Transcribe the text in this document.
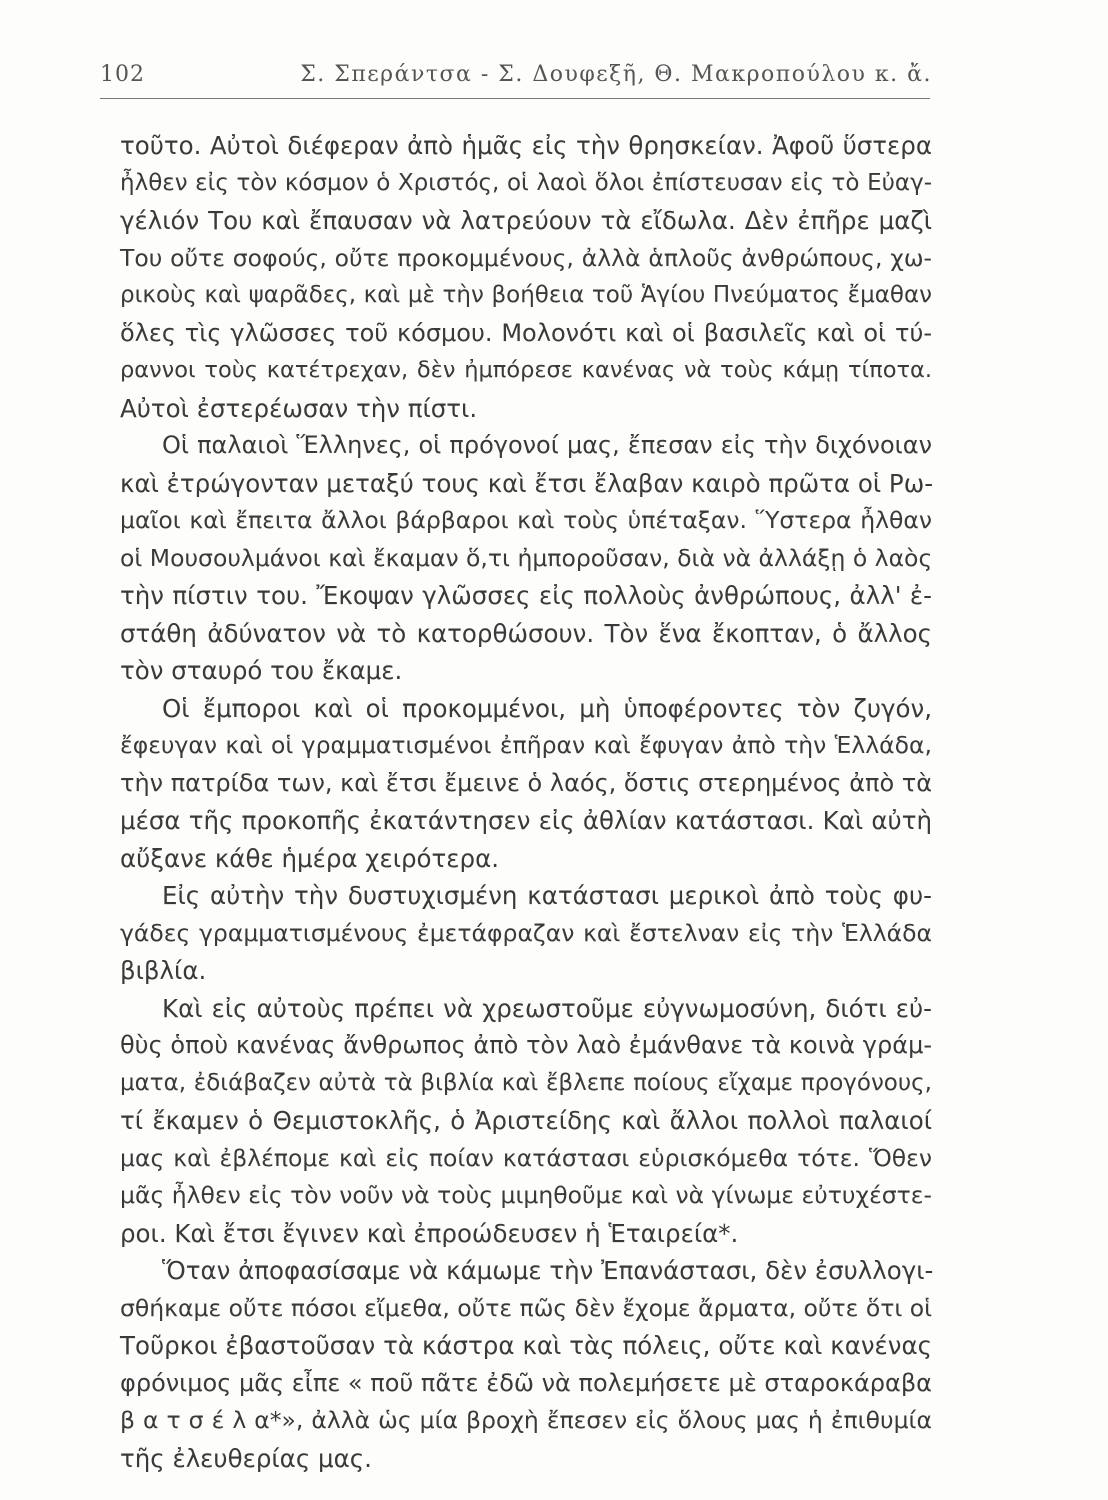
102	Σ. Σπεράντσα - Σ. Δουφεξῆ, Θ. Μακροπούλου κ. ἄ.
τοῦτο. Αὐτοὶ διέφεραν ἀπὸ ἡμᾶς εἰς τὴν θρησκείαν. Ἀφοῦ ὕστερα
ἦλθεν εἰς τὸν κόσμον ὁ Χριστός, οἱ λαοὶ ὅλοι ἐπίστευσαν εἰς τὸ Εὐαγ-
γέλιόν Του καὶ ἔπαυσαν νὰ λατρεύουν τὰ εἴδωλα. Δὲν ἐπῆρε μαζὶ
Του οὔτε σοφούς, οὔτε προκομμένους, ἀλλὰ ἁπλοῦς ἀνθρώπους, χω-
ρικοὺς καὶ ψαρᾶδες, καὶ μὲ τὴν βοήθεια τοῦ Ἁγίου Πνεύματος ἔμαθαν
ὅλες τὶς γλῶσσες τοῦ κόσμου. Μολονότι καὶ οἱ βασιλεῖς καὶ οἱ τύ-
ραννοι τοὺς κατέτρεχαν, δὲν ἠμπόρεσε κανένας νὰ τοὺς κάμῃ τίποτα.
Αὐτοὶ ἐστερέωσαν τὴν πίστι.
Οἱ παλαιοὶ Ἕλληνες, οἱ πρόγονοί μας, ἔπεσαν εἰς τὴν διχόνοιαν
καὶ ἐτρώγοντα​ν μεταξύ τους καὶ ἔτσι ἔλαβαν καιρὸ πρῶτα οἱ Ρω-
μαῖοι καὶ ἔπειτα ἄλλοι βάρβαροι καὶ τοὺς ὑπέταξαν. Ὕστερα ἦλθαν
οἱ Μουσουλμάνοι καὶ ἔκαμαν ὅ,τι ἠμποροῦσαν, διὰ νὰ ἀλλάξῃ ὁ λαὸς
τὴν πίστιν του. Ἔκοψαν γλῶσσες εἰς πολλοὺς ἀνθρώπους, ἀλλ' ἐ-
στάθη ἀδύνατον νὰ τὸ κατορθώσουν. Τὸν ἕνα ἔκοπταν, ὁ ἄλλος
τὸν σταυρό του ἔκαμε.
Οἱ ἔμποροι καὶ οἱ προκομμένοι, μὴ ὑποφέροντες τὸν ζυγόν,
ἔφευγαν καὶ οἱ γραμματισμένοι ἐπῆραν καὶ ἔφυγαν ἀπὸ τὴν Ἑλλάδα,
τὴν πατρίδα των, καὶ ἔτσι ἔμεινε ὁ λαός, ὅστις στερημένος ἀπὸ τὰ
μέσα τῆς προκοπῆς ἐκατάντησεν εἰς ἀθλίαν κατάστασι. Καὶ αὐτὴ
αὔξανε κάθε ἡμέρα χειρότερα.
Εἰς αὐτὴν τὴν δυστυχισμένη κατάστασι μερικοὶ ἀπὸ τοὺς φυ-
γάδες γραμματισμένους ἐμετάφραζαν καὶ ἔστελναν εἰς τὴν Ἑλλάδα
βιβλία.
Καὶ εἰς αὐτοὺς πρέπει νὰ χρεωστοῦμε εὐγνωμοσύνη, διότι εὐ-
θὺς ὁποὺ κανένας ἄνθρωπος ἀπὸ τὸν λαὸ ἐμάνθανε τὰ κοινὰ γράμ-
ματα, ἐδιάβαζεν αὐτὰ τὰ βιβλία καὶ ἔβλεπε ποίους εἴχαμε προγόνους,
τί ἔκαμεν ὁ Θεμιστοκλῆς, ὁ Ἀριστείδης καὶ ἄλλοι πολλοὶ παλαιοί
μας καὶ ἐβλέπομε καὶ εἰς ποίαν κατάστασι εὑρισκόμεθα τότε. Ὅθεν
μᾶς ἦλθεν εἰς τὸν νοῦν νὰ τοὺς μιμηθοῦμε καὶ νὰ γίνωμε εὐτυχέστε-
ροι. Καὶ ἔτσι ἔγινεν καὶ ἐπροώδευσεν ἡ Ἑταιρεία*.
Ὅταν ἀποφασίσαμε νὰ κάμωμε τὴν Ἐπανάστασι, δὲν ἐσυλλογι-
σθήκαμε οὔτε πόσοι εἴμεθα, οὔτε πῶς δὲν ἔχομε ἄρματα, οὔτε ὅτι οἱ
Τοῦρκοι ἐβαστοῦσαν τὰ κάστρα καὶ τὰς πόλεις, οὔτε καὶ κανένας
φρόνιμος μᾶς εἶπε « ποῦ πᾶτε ἐδῶ νὰ πολεμήσετε μὲ σταροκάραβα
β α τ σ έ λ α*», ἀλλὰ ὡς μία βροχὴ ἔπεσεν εἰς ὅλους μας ἡ ἐπιθυμία
τῆς ἐλευθερίας μας.
